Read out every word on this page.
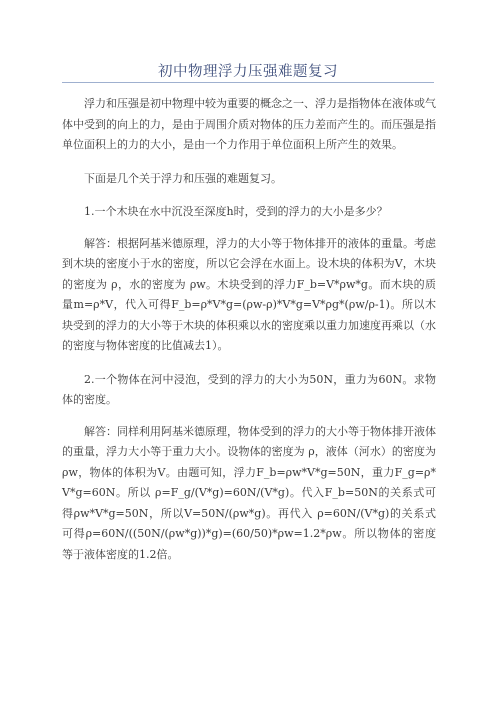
初中物理浮力压强难题复习

浮力和压强是初中物理中较为重要的概念之一、浮力是指物体在液体或气体中受到的向上的力，是由于周围介质对物体的压力差而产生的。而压强是指单位面积上的力的大小，是由一个力作用于单位面积上所产生的效果。

下面是几个关于浮力和压强的难题复习。

1.一个木块在水中沉没至深度h时，受到的浮力的大小是多少？

解答：根据阿基米德原理，浮力的大小等于物体排开的液体的重量。考虑到木块的密度小于水的密度，所以它会浮在水面上。设木块的体积为V，木块的密度为 ρ，水的密度为 ρw。木块受到的浮力F_b=V*ρw*g。而木块的质量m=ρ*V，代入可得F_b=ρ*V*g=(ρw-ρ)*V*g=V*ρg*(ρw/ρ-1)。所以木块受到的浮力的大小等于木块的体积乘以水的密度乘以重力加速度再乘以（水的密度与物体密度的比值减去1）。

2.一个物体在河中浸泡，受到的浮力的大小为50N，重力为60N。求物体的密度。

解答：同样利用阿基米德原理，物体受到的浮力的大小等于物体排开液体的重量，浮力大小等于重力大小。设物体的密度为 ρ，液体（河水）的密度为ρw，物体的体积为V。由题可知，浮力F_b=ρw*V*g=50N，重力F_g=ρ*V*g=60N。所以 ρ=F_g/(V*g)=60N/(V*g)。代入F_b=50N的关系式可得ρw*V*g=50N，所以V=50N/(ρw*g)。再代入 ρ=60N/(V*g)的关系式可得ρ=60N/((50N/(ρw*g))*g)=(60/50)*ρw=1.2*ρw。所以物体的密度等于液体密度的1.2倍。
